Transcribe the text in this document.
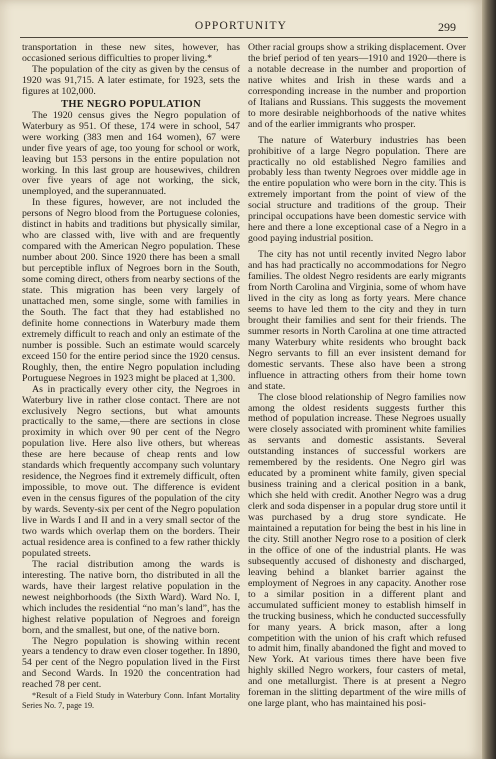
OPPORTUNITY	299

transportation in these new sites, however, has occasioned serious difficulties to proper living.*

The population of the city as given by the census of 1920 was 91,715. A later estimate, for 1923, sets the figures at 102,000.

THE NEGRO POPULATION

The 1920 census gives the Negro population of Waterbury as 951. Of these, 174 were in school, 547 were working (383 men and 164 women), 67 were under five years of age, too young for school or work, leaving but 153 persons in the entire population not working. In this last group are housewives, children over five years of age not working, the sick, unemployed, and the superannuated.

In these figures, however, are not included the persons of Negro blood from the Portuguese colonies, distinct in habits and traditions but physically similar, who are classed with, live with and are frequently compared with the American Negro population. These number about 200. Since 1920 there has been a small but perceptible influx of Negroes born in the South, some coming direct, others from nearby sections of the state. This migration has been very largely of unattached men, some single, some with families in the South. The fact that they had established no definite home connections in Waterbury made them extremely difficult to reach and only an estimate of the number is possible. Such an estimate would scarcely exceed 150 for the entire period since the 1920 census. Roughly, then, the entire Negro population including Portuguese Negroes in 1923 might be placed at 1,300.

As in practically every other city, the Negroes in Waterbury live in rather close contact. There are not exclusively Negro sections, but what amounts practically to the same,—there are sections in close proximity in which over 90 per cent of the Negro population live. Here also live others, but whereas these are here because of cheap rents and low standards which frequently accompany such voluntary residence, the Negroes find it extremely difficult, often impossible, to move out. The difference is evident even in the census figures of the population of the city by wards. Seventy-six per cent of the Negro population live in Wards I and II and in a very small sector of the two wards which overlap them on the borders. Their actual residence area is confined to a few rather thickly populated streets.

The racial distribution among the wards is interesting. The native born, tho distributed in all the wards, have their largest relative population in the newest neighborhoods (the Sixth Ward). Ward No. I, which includes the residential “no man’s land”, has the highest relative population of Negroes and foreign born, and the smallest, but one, of the native born.

The Negro population is showing within recent years a tendency to draw even closer together. In 1890, 54 per cent of the Negro population lived in the First and Second Wards. In 1920 the concentration had reached 78 per cent.

*Result of a Field Study in Waterbury Conn. Infant Mortality Series No. 7, page 19.

Other racial groups show a striking displacement. Over the brief period of ten years—1910 and 1920—there is a notable decrease in the number and proportion of native whites and Irish in these wards and a corresponding increase in the number and proportion of Italians and Russians. This suggests the movement to more desirable neighborhoods of the native whites and of the earlier immigrants who prosper.

The nature of Waterbury industries has been prohibitive of a large Negro population. There are practically no old established Negro families and probably less than twenty Negroes over middle age in the entire population who were born in the city. This is extremely important from the point of view of the social structure and traditions of the group. Their principal occupations have been domestic service with here and there a lone exceptional case of a Negro in a good paying industrial position.

The city has not until recently invited Negro labor and has had practically no accommodations for Negro families. The oldest Negro residents are early migrants from North Carolina and Virginia, some of whom have lived in the city as long as forty years. Mere chance seems to have led them to the city and they in turn brought their families and sent for their friends. The summer resorts in North Carolina at one time attracted many Waterbury white residents who brought back Negro servants to fill an ever insistent demand for domestic servants. These also have been a strong influence in attracting others from their home town and state.

The close blood relationship of Negro families now among the oldest residents suggests further this method of population increase. These Negroes usually were closely associated with prominent white families as servants and domestic assistants. Several outstanding instances of successful workers are remembered by the residents. One Negro girl was educated by a prominent white family, given special business training and a clerical position in a bank, which she held with credit. Another Negro was a drug clerk and soda dispenser in a popular drug store until it was purchased by a drug store syndicate. He maintained a reputation for being the best in his line in the city. Still another Negro rose to a position of clerk in the office of one of the industrial plants. He was subsequently accused of dishonesty and discharged, leaving behind a blanket barrier against the employment of Negroes in any capacity. Another rose to a similar position in a different plant and accumulated sufficient money to establish himself in the trucking business, which he conducted successfully for many years. A brick mason, after a long competition with the union of his craft which refused to admit him, finally abandoned the fight and moved to New York. At various times there have been five highly skilled Negro workers, four casters of metal, and one metallurgist. There is at present a Negro foreman in the slitting department of the wire mills of one large plant, who has maintained his posi-
